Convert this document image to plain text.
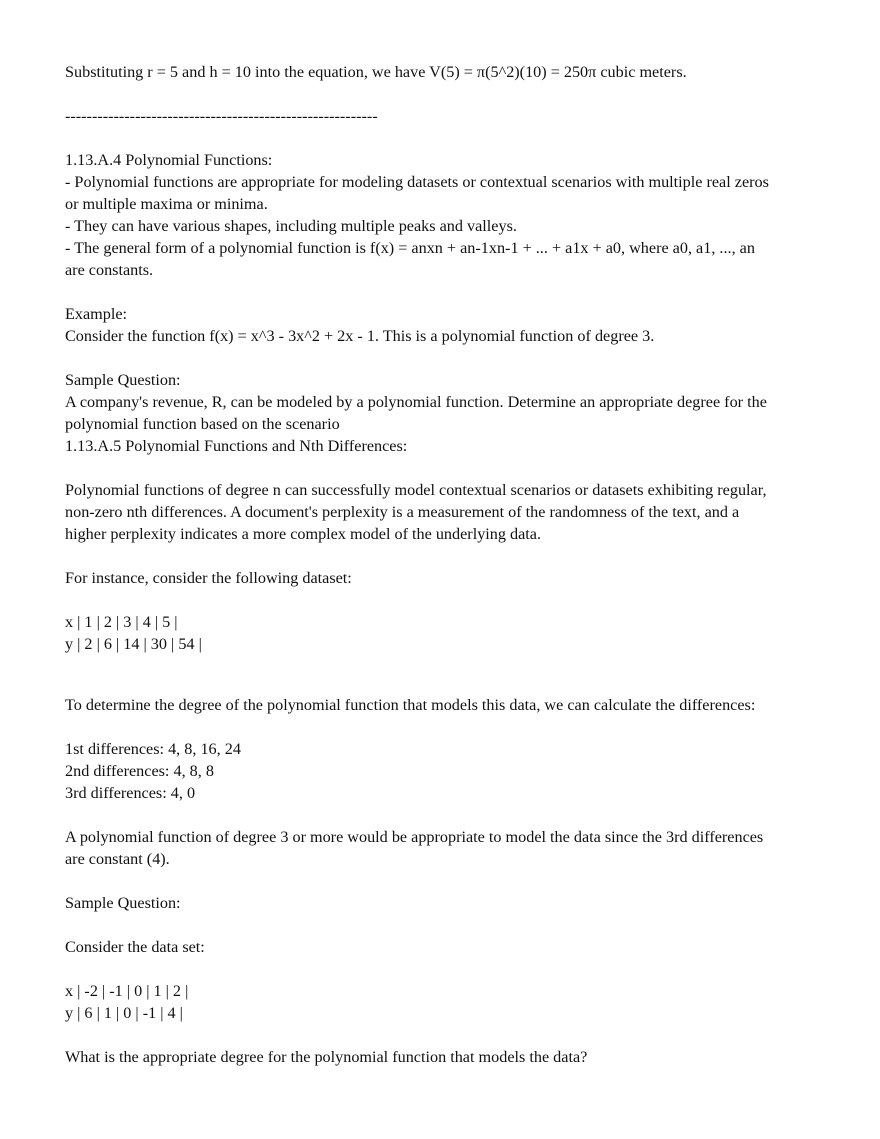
Substituting r = 5 and h = 10 into the equation, we have V(5) = π(5^2)(10) = 250π cubic meters.

----------------------------------------------------------

1.13.A.4 Polynomial Functions:

- Polynomial functions are appropriate for modeling datasets or contextual scenarios with multiple real zeros

or multiple maxima or minima.

- They can have various shapes, including multiple peaks and valleys.

- The general form of a polynomial function is f(x) = anxn + an-1xn-1 + ... + a1x + a0, where a0, a1, ..., an

are constants.

Example:

Consider the function f(x) = x^3 - 3x^2 + 2x - 1. This is a polynomial function of degree 3.

Sample Question:

A company's revenue, R, can be modeled by a polynomial function. Determine an appropriate degree for the

polynomial function based on the scenario

1.13.A.5 Polynomial Functions and Nth Differences:

Polynomial functions of degree n can successfully model contextual scenarios or datasets exhibiting regular,

non-zero nth differences. A document's perplexity is a measurement of the randomness of the text, and a

higher perplexity indicates a more complex model of the underlying data.

For instance, consider the following dataset:

x | 1 | 2 | 3 | 4 | 5 |

y | 2 | 6 | 14 | 30 | 54 |

To determine the degree of the polynomial function that models this data, we can calculate the differences:

1st differences: 4, 8, 16, 24

2nd differences: 4, 8, 8

3rd differences: 4, 0

A polynomial function of degree 3 or more would be appropriate to model the data since the 3rd differences

are constant (4).

Sample Question:

Consider the data set:

x | -2 | -1 | 0 | 1 | 2 |

y | 6 | 1 | 0 | -1 | 4 |

What is the appropriate degree for the polynomial function that models the data?
